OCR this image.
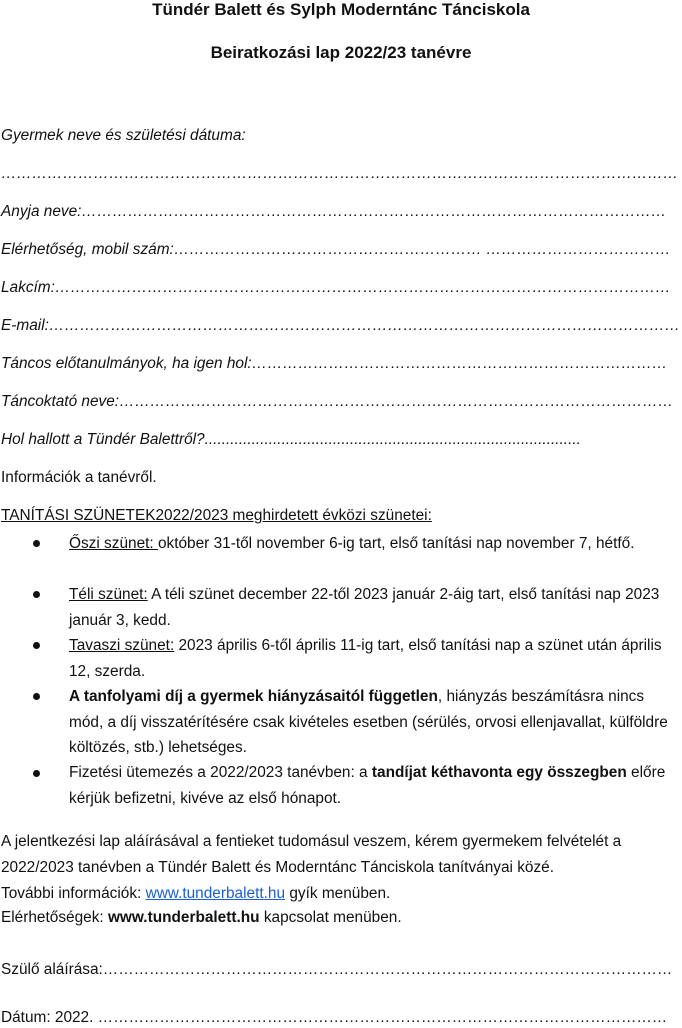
Tündér Balett és Sylph Moderntánc Tánciskola
Beiratkozási lap 2022/23 tanévre
Gyermek neve és születési dátuma:
……………………………………………………………………………………………………………………
Anyja neve:……………………………………………………………………………………………………
Elérhetőség, mobil szám:…………………………………………………… ………………………………
Lakcím:…………………………………………………………………………………………………………
E-mail:……………………………………………………………………………………………………………
Táncos előtanulmányok, ha igen hol:………………………………………………………………………
Táncoktató neve:………………………………………………………………………………………………
Hol hallott a Tündér Balettről?........................................................................................
Információk a tanévről.
TANÍTÁSI SZÜNETEK2022/2023 meghirdetett évközi szünetei:
Őszi szünet: október 31-től november 6-ig tart, első tanítási nap november 7, hétfő.
Téli szünet: A téli szünet december 22-től 2023 január 2-áig tart, első tanítási nap 2023 január 3, kedd.
Tavaszi szünet: 2023 április 6-től április 11-ig tart, első tanítási nap a szünet után április 12, szerda.
A tanfolyami díj a gyermek hiányzásaitól független, hiányzás beszámításra nincs mód, a díj visszatérítésére csak kivételes esetben (sérülés, orvosi ellenjavallat, külföldre költözés, stb.) lehetséges.
Fizetési ütemezés a 2022/2023 tanévben: a tandíjat kéthavonta egy összegben előre kérjük befizetni, kivéve az első hónapot.
A jelentkezési lap aláírásával a fentieket tudomásul veszem, kérem gyermekem felvételét a 2022/2023 tanévben a Tündér Balett és Moderntánc Tánciskola tanítványai közé.
További információk: www.tunderbalett.hu gyík menüben.
Elérhetőségek: www.tunderbalett.hu kapcsolat menüben.
Szülő aláírása:…………………………………………………………………………………………………
Dátum: 2022. …………………………………………………………………………………………………
